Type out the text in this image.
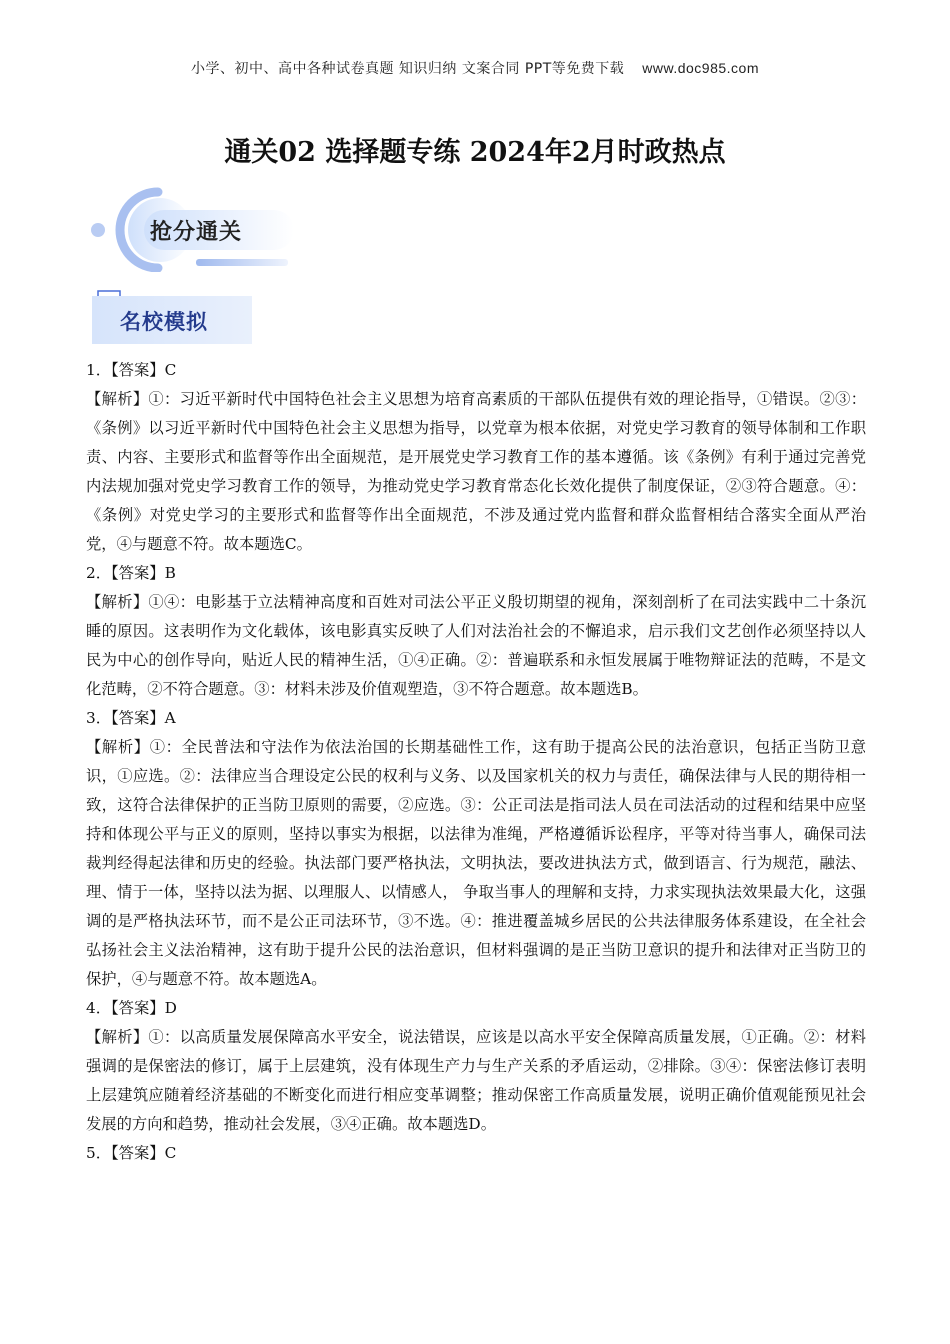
小学、初中、高中各种试卷真题 知识归纳 文案合同 PPT等免费下载 www.doc985.com
通关02 选择题专练 2024年2月时政热点
抢分通关
名校模拟

1．【答案】C

【解析】①：习近平新时代中国特色社会主义思想为培育高素质的干部队伍提供有效的理论指导，①错误。②③：《条例》以习近平新时代中国特色社会主义思想为指导，以党章为根本依据，对党史学习教育的领导体制和工作职责、内容、主要形式和监督等作出全面规范，是开展党史学习教育工作的基本遵循。该《条例》有利于通过完善党内法规加强对党史学习教育工作的领导，为推动党史学习教育常态化长效化提供了制度保证，②③符合题意。④：《条例》对党史学习的主要形式和监督等作出全面规范，不涉及通过党内监督和群众监督相结合落实全面从严治党，④与题意不符。故本题选C。

2．【答案】B

【解析】①④：电影基于立法精神高度和百姓对司法公平正义殷切期望的视角，深刻剖析了在司法实践中二十条沉睡的原因。这表明作为文化载体，该电影真实反映了人们对法治社会的不懈追求，启示我们文艺创作必须坚持以人民为中心的创作导向，贴近人民的精神生活，①④正确。②：普遍联系和永恒发展属于唯物辩证法的范畴，不是文化范畴，②不符合题意。③：材料未涉及价值观塑造，③不符合题意。故本题选B。

3．【答案】A

【解析】①：全民普法和守法作为依法治国的长期基础性工作，这有助于提高公民的法治意识，包括正当防卫意识，①应选。②：法律应当合理设定公民的权利与义务、以及国家机关的权力与责任，确保法律与人民的期待相一致，这符合法律保护的正当防卫原则的需要，②应选。③：公正司法是指司法人员在司法活动的过程和结果中应坚持和体现公平与正义的原则，坚持以事实为根据，以法律为准绳，严格遵循诉讼程序，平等对待当事人，确保司法裁判经得起法律和历史的经验。执法部门要严格执法，文明执法，要改进执法方式，做到语言、行为规范，融法、理、情于一体，坚持以法为据、以理服人、以情感人， 争取当事人的理解和支持，力求实现执法效果最大化，这强调的是严格执法环节，而不是公正司法环节，③不选。④：推进覆盖城乡居民的公共法律服务体系建设，在全社会弘扬社会主义法治精神，这有助于提升公民的法治意识，但材料强调的是正当防卫意识的提升和法律对正当防卫的保护，④与题意不符。故本题选A。

4．【答案】D

【解析】①：以高质量发展保障高水平安全，说法错误，应该是以高水平安全保障高质量发展，①正确。②：材料强调的是保密法的修订，属于上层建筑，没有体现生产力与生产关系的矛盾运动，②排除。③④：保密法修订表明上层建筑应随着经济基础的不断变化而进行相应变革调整；推动保密工作高质量发展，说明正确价值观能预见社会发展的方向和趋势，推动社会发展，③④正确。故本题选D。

5．【答案】C
